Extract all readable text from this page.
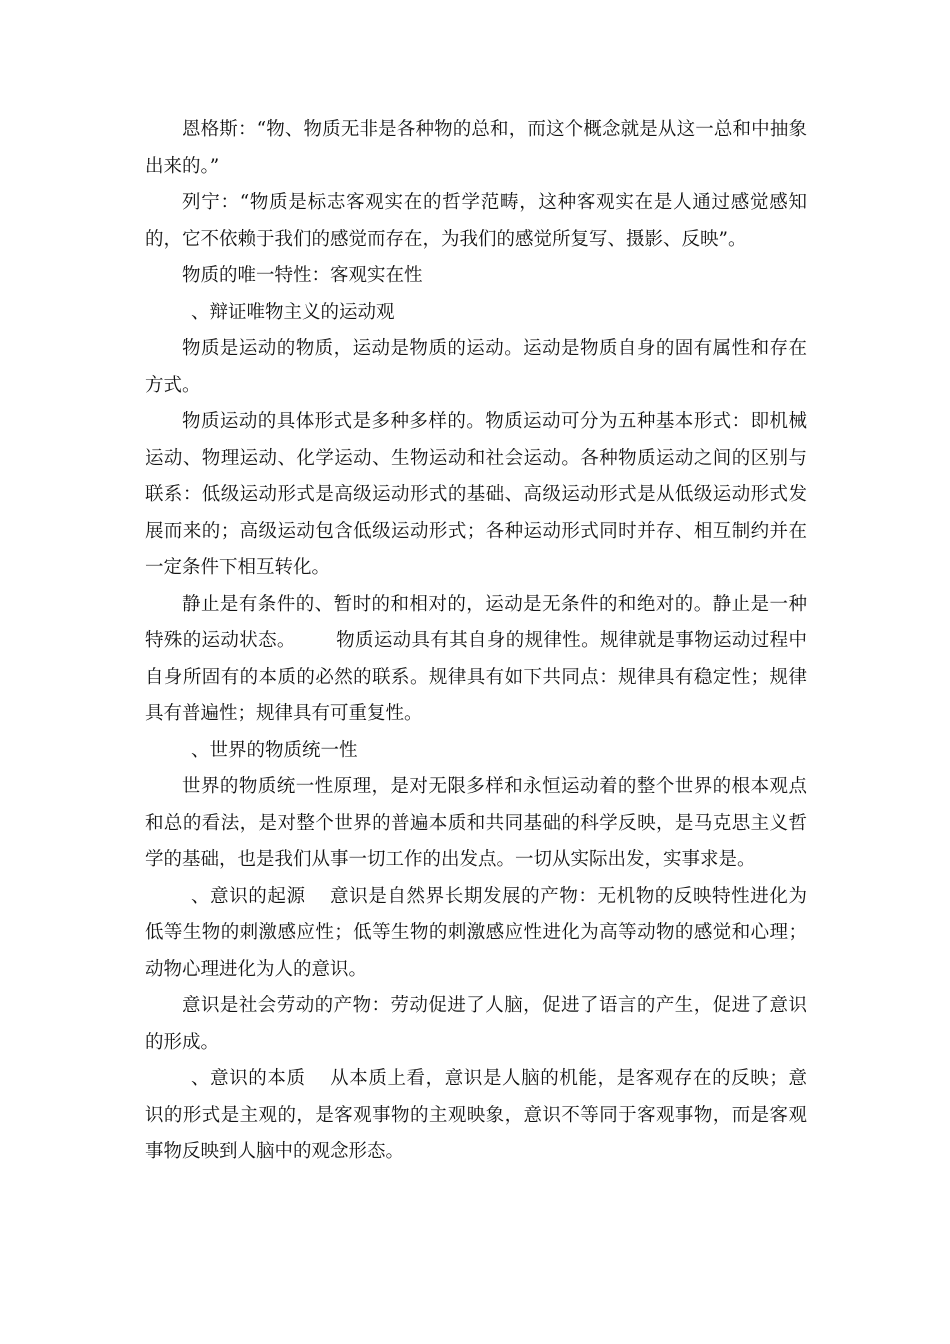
恩格斯：“物、物质无非是各种物的总和，而这个概念就是从这一总和中抽象出来的。”

列宁：“物质是标志客观实在的哲学范畴，这种客观实在是人通过感觉感知的，它不依赖于我们的感觉而存在，为我们的感觉所复写、摄影、反映”。

物质的唯一特性：客观实在性

、辩证唯物主义的运动观

物质是运动的物质，运动是物质的运动。运动是物质自身的固有属性和存在方式。

物质运动的具体形式是多种多样的。物质运动可分为五种基本形式：即机械运动、物理运动、化学运动、生物运动和社会运动。各种物质运动之间的区别与联系：低级运动形式是高级运动形式的基础、高级运动形式是从低级运动形式发展而来的；高级运动包含低级运动形式；各种运动形式同时并存、相互制约并在一定条件下相互转化。

静止是有条件的、暂时的和相对的，运动是无条件的和绝对的。静止是一种特殊的运动状态。 物质运动具有其自身的规律性。规律就是事物运动过程中自身所固有的本质的必然的联系。规律具有如下共同点：规律具有稳定性；规律具有普遍性；规律具有可重复性。

、世界的物质统一性

世界的物质统一性原理，是对无限多样和永恒运动着的整个世界的根本观点和总的看法，是对整个世界的普遍本质和共同基础的科学反映，是马克思主义哲学的基础，也是我们从事一切工作的出发点。一切从实际出发，实事求是。

、意识的起源 意识是自然界长期发展的产物：无机物的反映特性进化为低等生物的刺激感应性；低等生物的刺激感应性进化为高等动物的感觉和心理；动物心理进化为人的意识。

意识是社会劳动的产物：劳动促进了人脑，促进了语言的产生，促进了意识的形成。

、意识的本质 从本质上看，意识是人脑的机能，是客观存在的反映；意识的形式是主观的，是客观事物的主观映象，意识不等同于客观事物，而是客观事物反映到人脑中的观念形态。
